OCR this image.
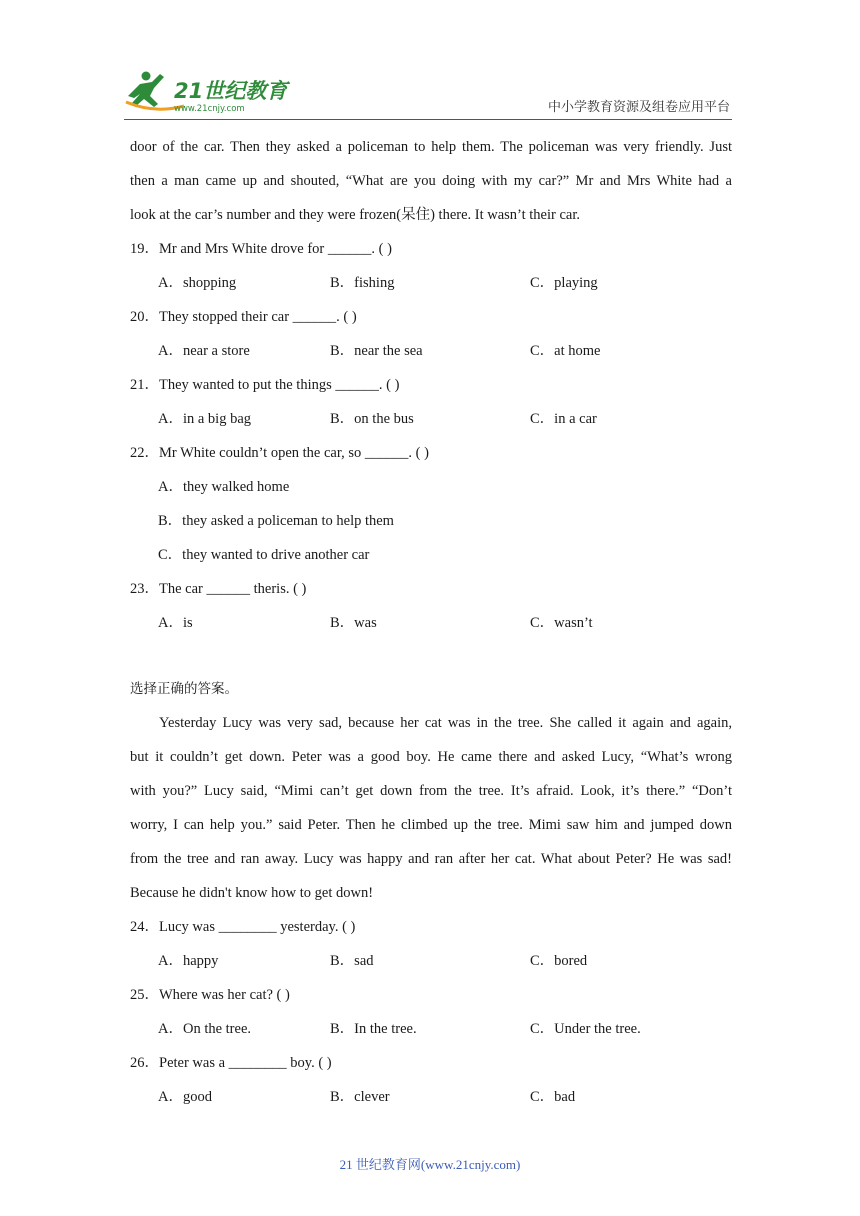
21世纪教育
www.21cnjy.com	中小学教育资源及组卷应用平台
door of the car. Then they asked a policeman to help them. The policeman was very friendly. Just
then a man came up and shouted, “What are you doing with my car?” Mr and Mrs White had a
look at the car’s number and they were frozen(呆住) there. It wasn’t their car.
19．Mr and Mrs White drove for ______. ( )
A．shopping	B．fishing	C．playing
20．They stopped their car ______. ( )
A．near a store	B．near the sea	C．at home
21．They wanted to put the things ______. ( )
A．in a big bag	B．on the bus	C．in a car
22．Mr White couldn’t open the car, so ______. ( )
A．they walked home
B．they asked a policeman to help them
C．they wanted to drive another car
23．The car ______ theris. ( )
A．is	B．was	C．wasn’t
选择正确的答案。
Yesterday Lucy was very sad, because her cat was in the tree. She called it again and again,
but it couldn’t get down. Peter was a good boy. He came there and asked Lucy, “What’s wrong
with you?” Lucy said, “Mimi can’t get down from the tree. It’s afraid. Look, it’s there.” “Don’t
worry, I can help you.” said Peter. Then he climbed up the tree. Mimi saw him and jumped down
from the tree and ran away. Lucy was happy and ran after her cat. What about Peter? He was sad!
Because he didn't know how to get down!
24．Lucy was ________ yesterday. ( )
A．happy	B．sad	C．bored
25．Where was her cat? ( )
A．On the tree.	B．In the tree.	C．Under the tree.
26．Peter was a ________ boy. ( )
A．good	B．clever	C．bad
21 世纪教育网(www.21cnjy.com)
